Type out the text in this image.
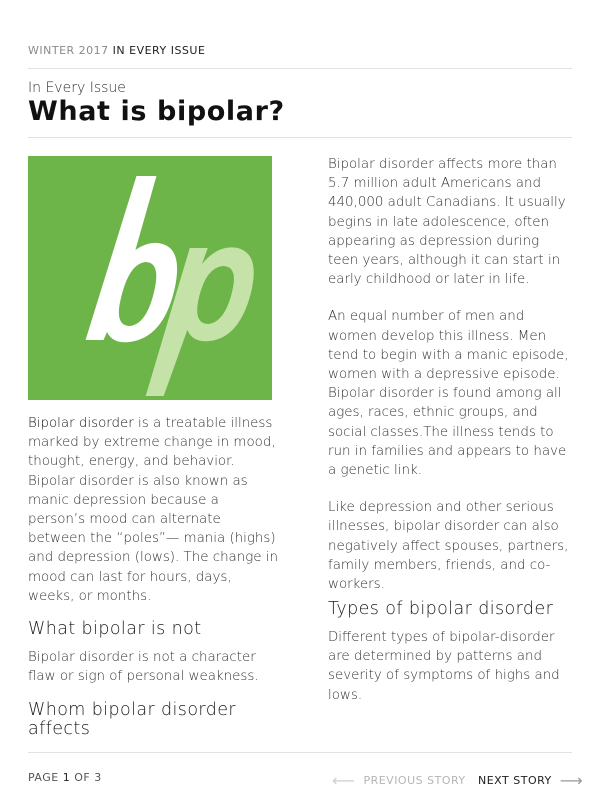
WINTER 2017 IN EVERY ISSUE
In Every Issue
What is bipolar?

Bipolar disorder is a treatable illness marked by extreme change in mood, thought, energy, and behavior. Bipolar disorder is also known as manic depression because a person’s mood can alternate between the “poles”— mania (highs) and depression (lows). The change in mood can last for hours, days, weeks, or months.

What bipolar is not

Bipolar disorder is not a character flaw or sign of personal weakness.

Whom bipolar disorder affects

Bipolar disorder affects more than 5.7 million adult Americans and 440,000 adult Canadians. It usually begins in late adolescence, often appearing as depression during teen years, although it can start in early childhood or later in life.

An equal number of men and women develop this illness. Men tend to begin with a manic episode, women with a depressive episode. Bipolar disorder is found among all ages, races, ethnic groups, and social classes.The illness tends to run in families and appears to have a genetic link.

Like depression and other serious illnesses, bipolar disorder can also negatively affect spouses, partners, family members, friends, and co-workers.

Types of bipolar disorder

Different types of bipolar-disorder are determined by patterns and severity of symptoms of highs and lows.

PAGE 1 OF 3	⟵ PREVIOUS STORY NEXT STORY ⟶
